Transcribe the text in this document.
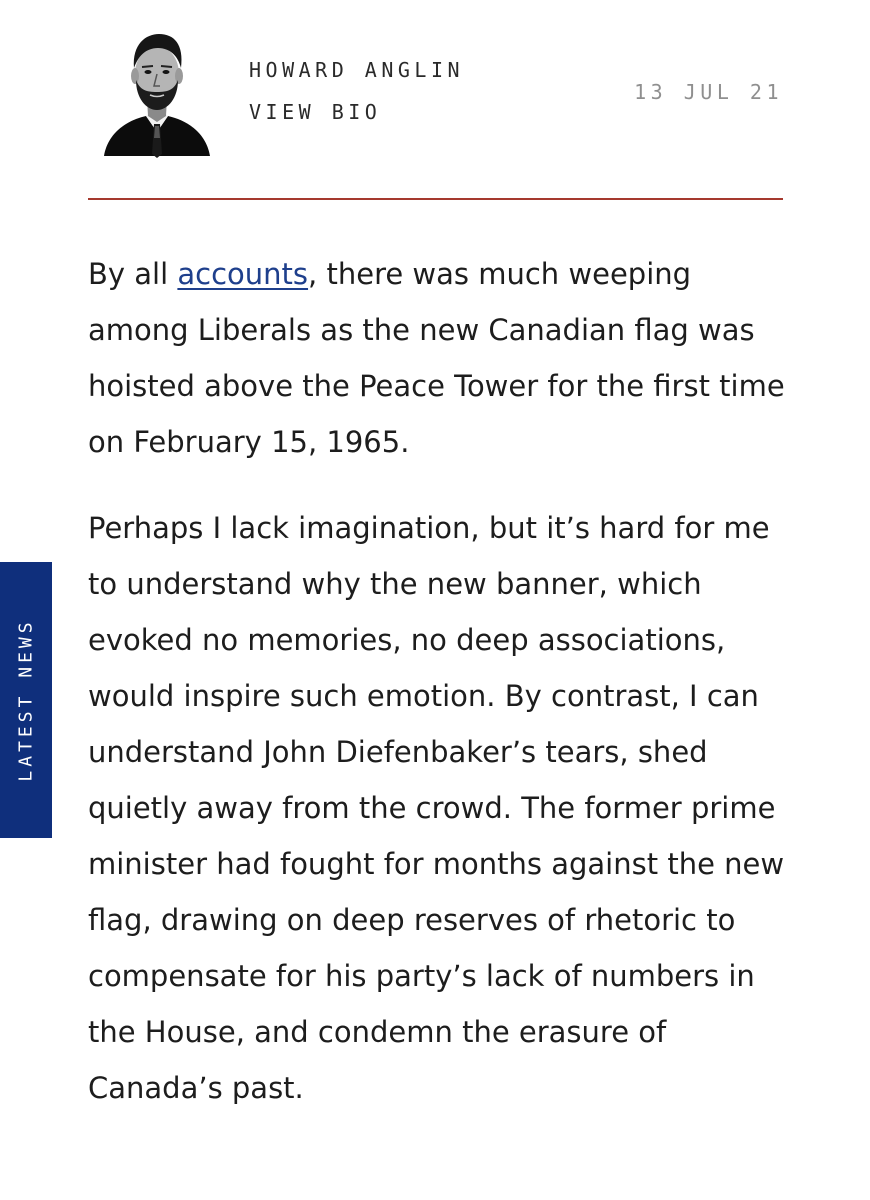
HOWARD ANGLIN
VIEW BIO
13 JUL 21

By all accounts, there was much weeping among Liberals as the new Canadian flag was hoisted above the Peace Tower for the first time on February 15, 1965.

Perhaps I lack imagination, but it’s hard for me to understand why the new banner, which evoked no memories, no deep associations, would inspire such emotion. By contrast, I can understand John Diefenbaker’s tears, shed quietly away from the crowd. The former prime minister had fought for months against the new flag, drawing on deep reserves of rhetoric to compensate for his party’s lack of numbers in the House, and condemn the erasure of Canada’s past.

LATEST NEWS
